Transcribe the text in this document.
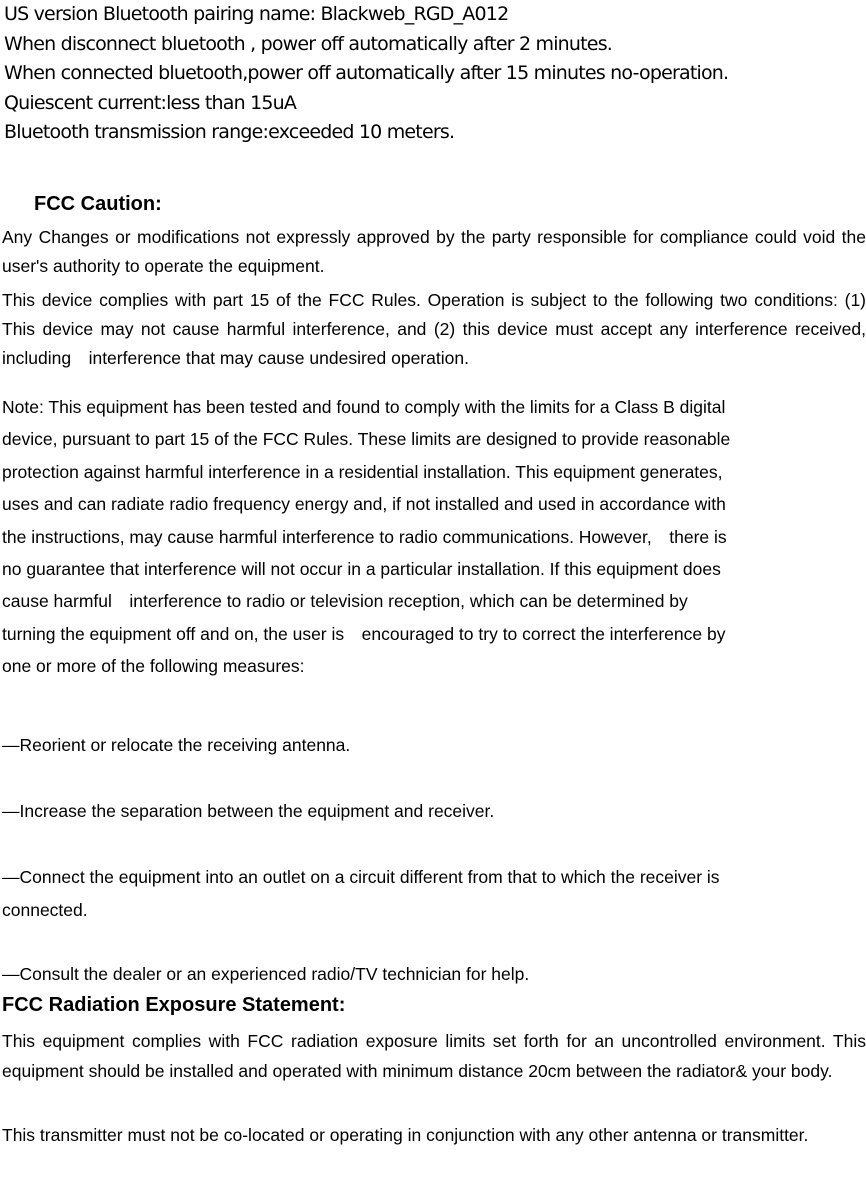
US version Bluetooth pairing name: Blackweb_RGD_A012
When disconnect bluetooth , power off automatically after 2 minutes.
When connected bluetooth,power off automatically after 15 minutes no-operation.
Quiescent current:less than 15uA
Bluetooth transmission range:exceeded 10 meters.
FCC Caution:
Any Changes or modifications not expressly approved by the party responsible for compliance could void the user's authority to operate the equipment.
This device complies with part 15 of the FCC Rules. Operation is subject to the following two conditions: (1) This device may not cause harmful interference, and (2) this device must accept any interference received, including　interference that may cause undesired operation.
Note: This equipment has been tested and found to comply with the limits for a Class B digital
device, pursuant to part 15 of the FCC Rules. These limits are designed to provide reasonable
protection against harmful interference in a residential installation. This equipment generates,
uses and can radiate radio frequency energy and, if not installed and used in accordance with
the instructions, may cause harmful interference to radio communications. However,　there is
no guarantee that interference will not occur in a particular installation. If this equipment does
cause harmful　interference to radio or television reception, which can be determined by
turning the equipment off and on, the user is　encouraged to try to correct the interference by
one or more of the following measures:
—Reorient or relocate the receiving antenna.
—Increase the separation between the equipment and receiver.
—Connect the equipment into an outlet on a circuit different from that to which the receiver is
connected.
—Consult the dealer or an experienced radio/TV technician for help.
FCC Radiation Exposure Statement:
This equipment complies with FCC radiation exposure limits set forth for an uncontrolled environment. This equipment should be installed and operated with minimum distance 20cm between the radiator& your body.
This transmitter must not be co-located or operating in conjunction with any other antenna or transmitter.
